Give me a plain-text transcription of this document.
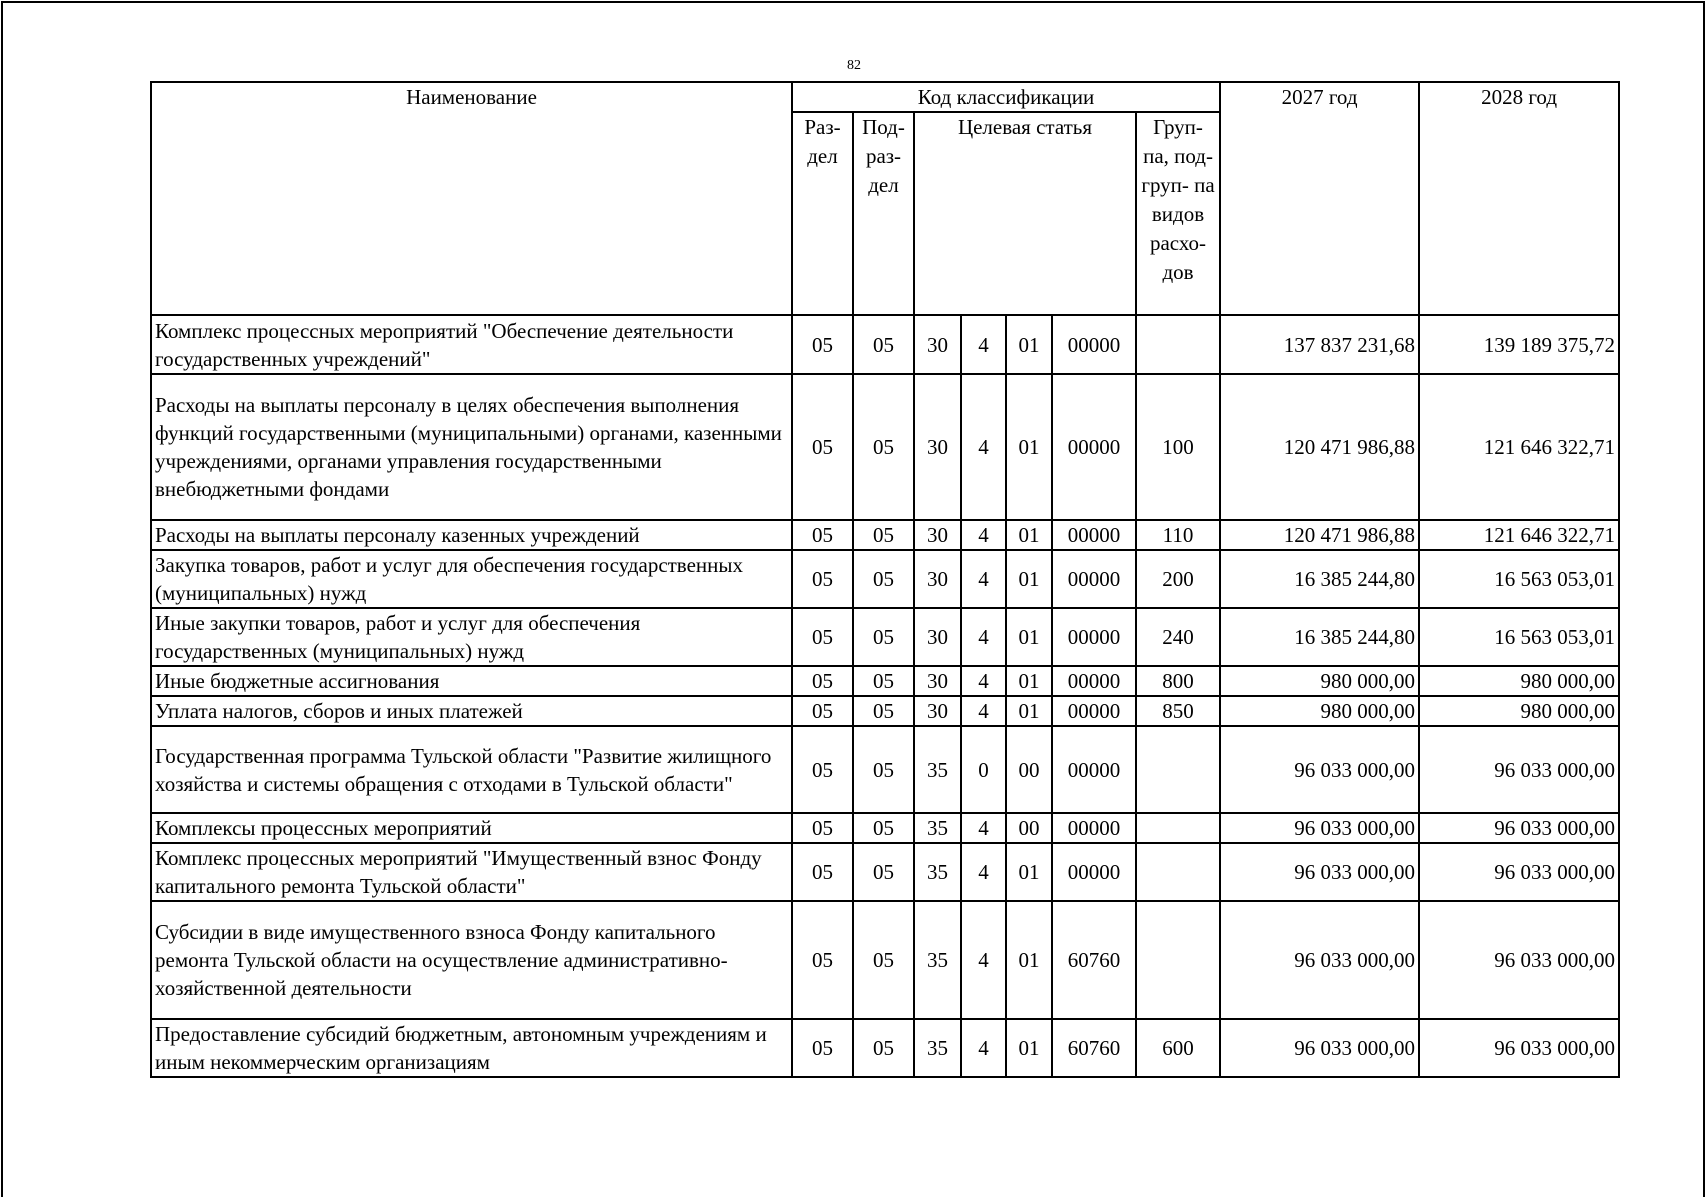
82
Наименование	Код классификации							2027 год	2028 год
	Раз- дел	Под- раз- дел	Целевая статья				Груп- па, под- груп- па видов расхо- дов		
Комплекс процессных мероприятий "Обеспечение деятельности государственных учреждений"	05	05	30	4	01	00000		137 837 231,68	139 189 375,72
Расходы на выплаты персоналу в целях обеспечения выполнения функций государственными (муниципальными) органами, казенными учреждениями, органами управления государственными внебюджетными фондами	05	05	30	4	01	00000	100	120 471 986,88	121 646 322,71
Расходы на выплаты персоналу казенных учреждений	05	05	30	4	01	00000	110	120 471 986,88	121 646 322,71
Закупка товаров, работ и услуг для обеспечения государственных (муниципальных) нужд	05	05	30	4	01	00000	200	16 385 244,80	16 563 053,01
Иные закупки товаров, работ и услуг для обеспечения государственных (муниципальных) нужд	05	05	30	4	01	00000	240	16 385 244,80	16 563 053,01
Иные бюджетные ассигнования	05	05	30	4	01	00000	800	980 000,00	980 000,00
Уплата налогов, сборов и иных платежей	05	05	30	4	01	00000	850	980 000,00	980 000,00
Государственная программа Тульской области "Развитие жилищного хозяйства и системы обращения с отходами в Тульской области"	05	05	35	0	00	00000		96 033 000,00	96 033 000,00
Комплексы процессных мероприятий	05	05	35	4	00	00000		96 033 000,00	96 033 000,00
Комплекс процессных мероприятий "Имущественный взнос Фонду капитального ремонта Тульской области"	05	05	35	4	01	00000		96 033 000,00	96 033 000,00
Субсидии в виде имущественного взноса Фонду капитального ремонта Тульской области на осуществление административно-хозяйственной деятельности	05	05	35	4	01	60760		96 033 000,00	96 033 000,00
Предоставление субсидий бюджетным, автономным учреждениям и иным некоммерческим организациям	05	05	35	4	01	60760	600	96 033 000,00	96 033 000,00
